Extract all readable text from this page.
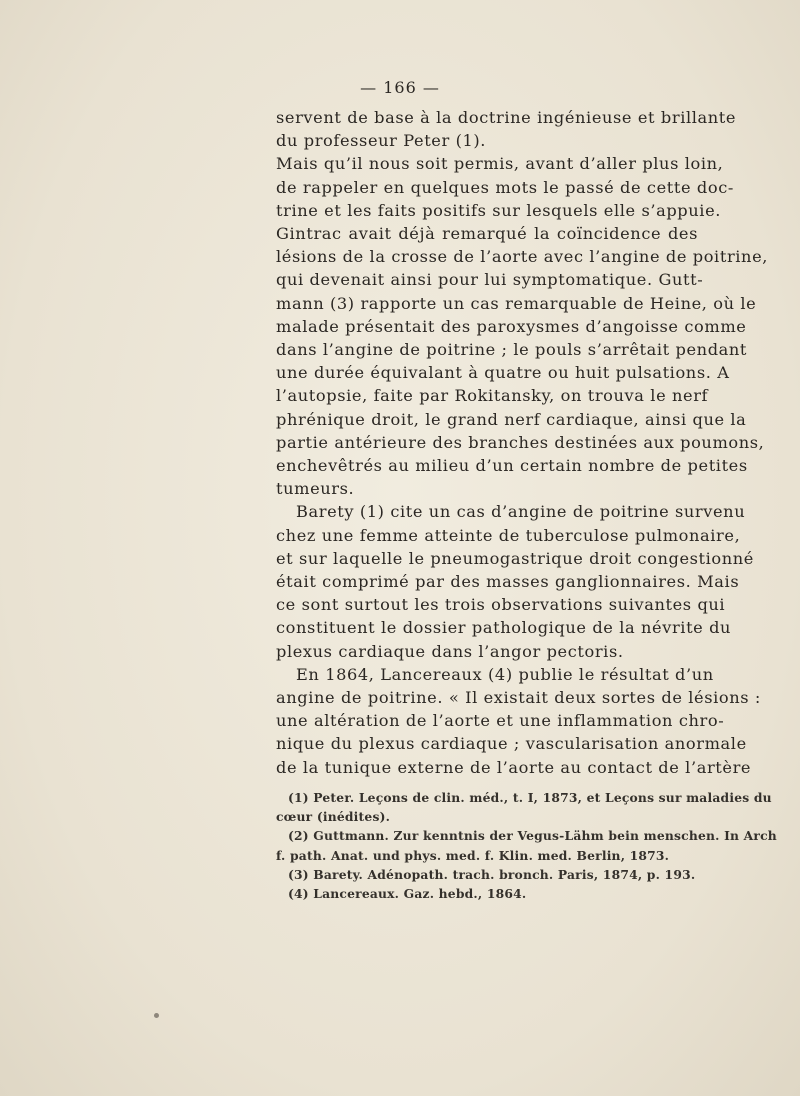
— 166 —
servent de base à la doctrine ingénieuse et brillante
du professeur Peter (1).
Mais qu’il nous soit permis, avant d’aller plus loin,
de rappeler en quelques mots le passé de cette doc-
trine et les faits positifs sur lesquels elle s’appuie.
Gintrac avait déjà remarqué la coïncidence des
lésions de la crosse de l’aorte avec l’angine de poitrine,
qui devenait ainsi pour lui symptomatique. Gutt-
mann (3) rapporte un cas remarquable de Heine, où le
malade présentait des paroxysmes d’angoisse comme
dans l’angine de poitrine ; le pouls s’arrêtait pendant
une durée équivalant à quatre ou huit pulsations. A
l’autopsie, faite par Rokitansky, on trouva le nerf
phrénique droit, le grand nerf cardiaque, ainsi que la
partie antérieure des branches destinées aux poumons,
enchevêtrés au milieu d’un certain nombre de petites
tumeurs.
Barety (1) cite un cas d’angine de poitrine survenu
chez une femme atteinte de tuberculose pulmonaire,
et sur laquelle le pneumogastrique droit congestionné
était comprimé par des masses ganglionnaires. Mais
ce sont surtout les trois observations suivantes qui
constituent le dossier pathologique de la névrite du
plexus cardiaque dans l’angor pectoris.
En 1864, Lancereaux (4) publie le résultat d’un
angine de poitrine. « Il existait deux sortes de lésions :
une altération de l’aorte et une inflammation chro-
nique du plexus cardiaque ; vascularisation anormale
de la tunique externe de l’aorte au contact de l’artère
(1) Peter. Leçons de clin. méd., t. I, 1873, et Leçons sur maladies du
cœur (inédites).
(2) Guttmann. Zur kenntnis der Vegus-Lähm bein menschen. In Arch
f. path. Anat. und phys. med. f. Klin. med. Berlin, 1873.
(3) Barety. Adénopath. trach. bronch. Paris, 1874, p. 193.
(4) Lancereaux. Gaz. hebd., 1864.
